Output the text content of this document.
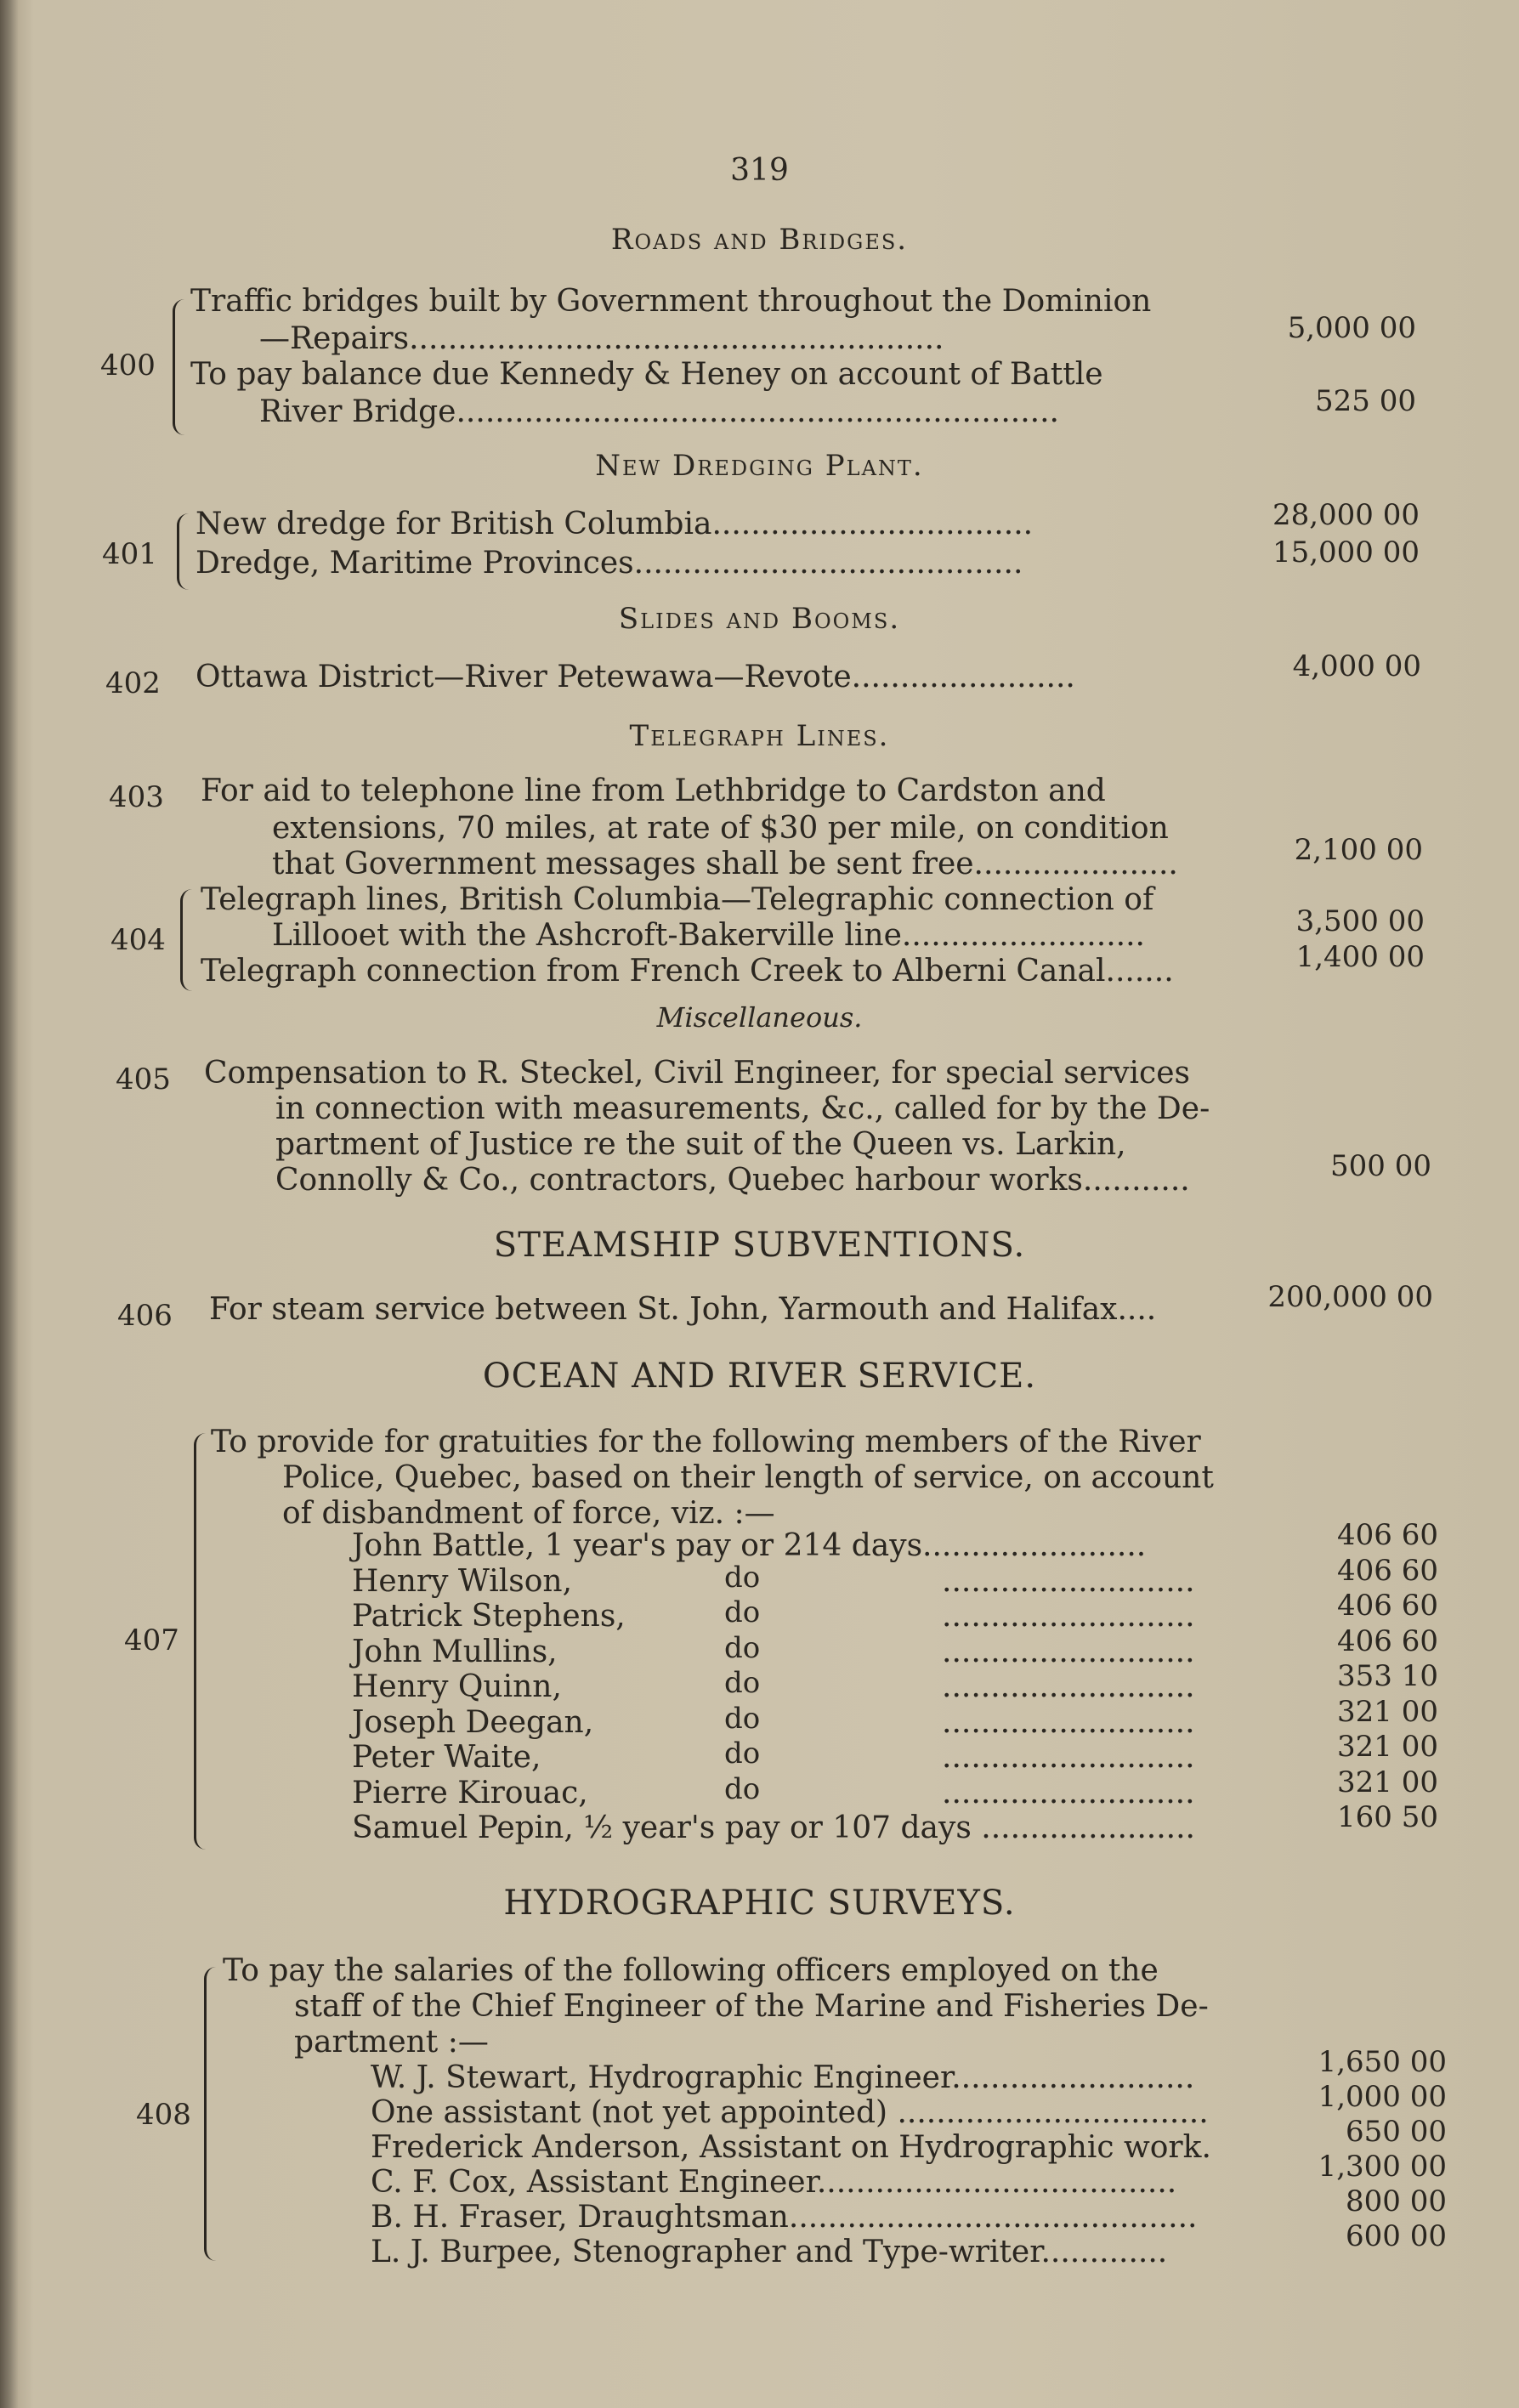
319
Roads and Bridges.
400
Traffic bridges built by Government throughout the Dominion
—Repairs.......................................................	5,000 00
To pay balance due Kennedy & Heney on account of Battle
River Bridge..............................................................	525 00
New Dredging Plant.
401
New dredge for British Columbia.................................	28,000 00
Dredge, Maritime Provinces........................................	15,000 00
Slides and Booms.
402 Ottawa District—River Petewawa—Revote.......................	4,000 00
Telegraph Lines.
403 For aid to telephone line from Lethbridge to Cardston and
extensions, 70 miles, at rate of $30 per mile, on condition
that Government messages shall be sent free.....................	2,100 00
404
Telegraph lines, British Columbia—Telegraphic connection of
Lillooet with the Ashcroft-Bakerville line.........................	3,500 00
Telegraph connection from French Creek to Alberni Canal.......	1,400 00
Miscellaneous.
405 Compensation to R. Steckel, Civil Engineer, for special services
in connection with measurements, &c., called for by the De-
partment of Justice re the suit of the Queen vs. Larkin,
Connolly & Co., contractors, Quebec harbour works...........	500 00
STEAMSHIP SUBVENTIONS.
406 For steam service between St. John, Yarmouth and Halifax....	200,000 00
OCEAN AND RIVER SERVICE.
407
To provide for gratuities for the following members of the River
Police, Quebec, based on their length of service, on account
of disbandment of force, viz. :—
John Battle, 1 year's pay or 214 days.......................	406 60
Henry Wilson,	do	..........................	406 60
Patrick Stephens,	do	..........................	406 60
John Mullins,	do	..........................	406 60
Henry Quinn,	do	..........................	353 10
Joseph Deegan,	do	..........................	321 00
Peter Waite,	do	..........................	321 00
Pierre Kirouac,	do	..........................	321 00
Samuel Pepin, ½ year's pay or 107 days ......................	160 50
HYDROGRAPHIC SURVEYS.
408
To pay the salaries of the following officers employed on the
staff of the Chief Engineer of the Marine and Fisheries De-
partment :—
W. J. Stewart, Hydrographic Engineer.........................	1,650 00
One assistant (not yet appointed) ................................	1,000 00
Frederick Anderson, Assistant on Hydrographic work.	650 00
C. F. Cox, Assistant Engineer.....................................	1,300 00
B. H. Fraser, Draughtsman..........................................	800 00
L. J. Burpee, Stenographer and Type-writer.............	600 00
